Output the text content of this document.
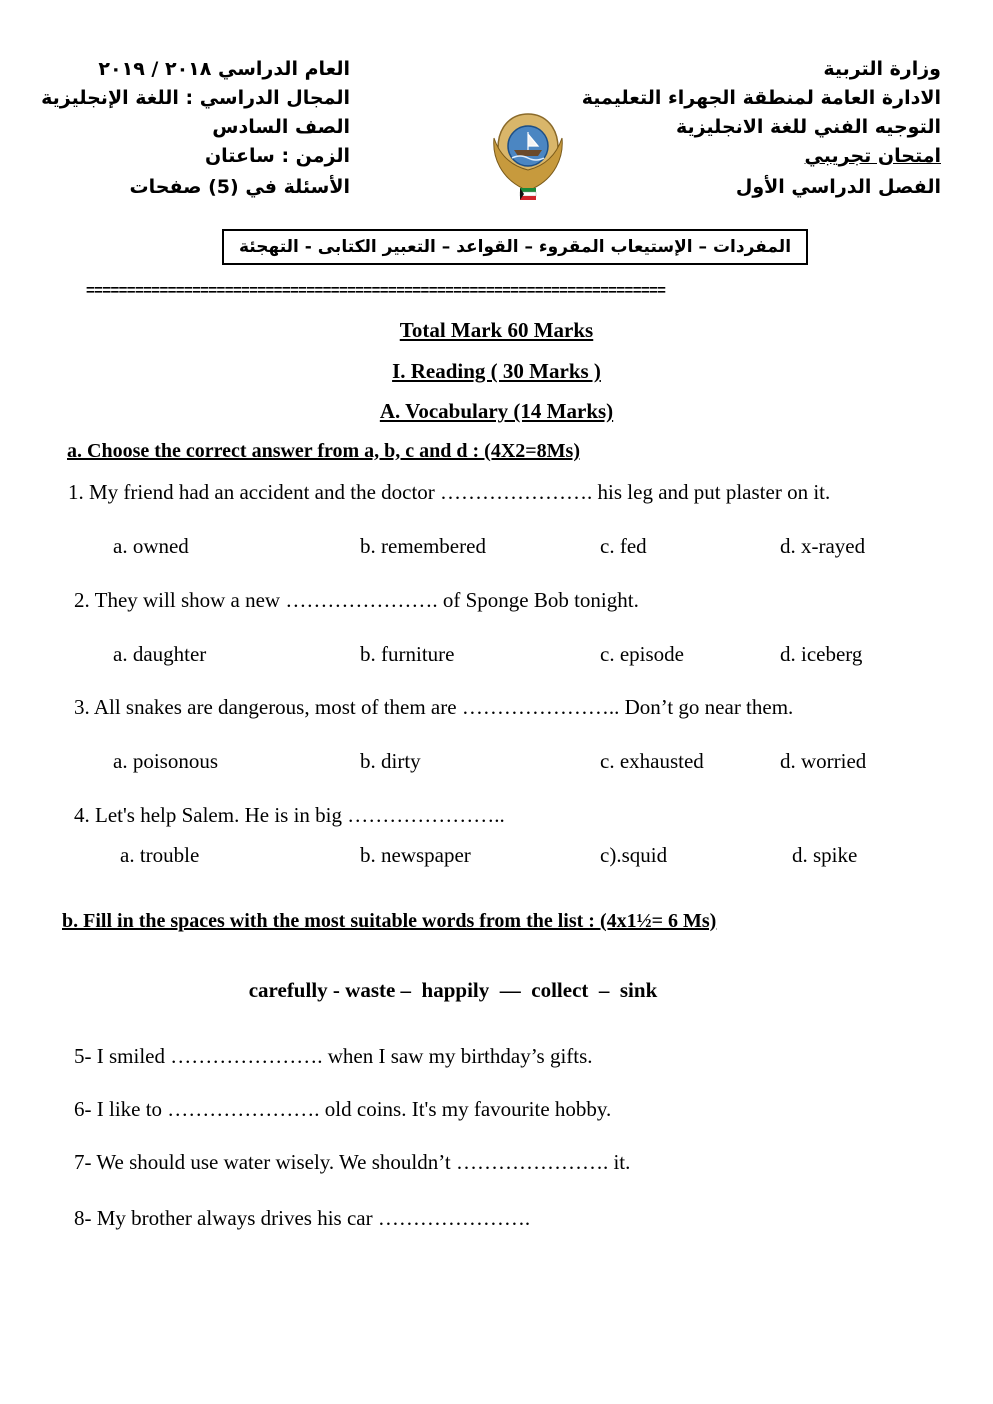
وزارة التربية
الادارة العامة لمنطقة الجهراء التعليمية
التوجيه الفني للغة الانجليزية
امتحان تجريبي
الفصل الدراسي الأول
العام الدراسي ٢٠١٨ / ٢٠١٩
المجال الدراسي : اللغة الإنجليزية
الصف السادس
الزمن : ساعتان
الأسئلة في (5) صفحات
المفردات – الإستيعاب المقروء – القواعد – التعبير الكتابى - التهجئة
=======================================================================
Total Mark 60 Marks
I. Reading ( 30 Marks )
A. Vocabulary (14 Marks)
a. Choose the correct answer from a, b, c and d : (4X2=8Ms)
1. My friend had an accident and the doctor …………………. his leg and put plaster on it.
a. owned	b. remembered	c. fed	d. x-rayed
2. They will show a new …………………. of Sponge Bob tonight.
a. daughter	b. furniture	c. episode	d. iceberg
3. All snakes are dangerous, most of them are ………………….. Don’t go near them.
a. poisonous	b. dirty	c. exhausted	d. worried
4. Let's help Salem. He is in big …………………..
a. trouble	b. newspaper	c).squid	d. spike
b. Fill in the spaces with the most suitable words from the list : (4x1½= 6 Ms)
carefully - waste –  happily  —  collect  –  sink
5- I smiled …………………. when I saw my birthday’s gifts.
6- I like to …………………. old coins. It's my favourite hobby.
7- We should use water wisely. We shouldn’t …………………. it.
8- My brother always drives his car ………………….
